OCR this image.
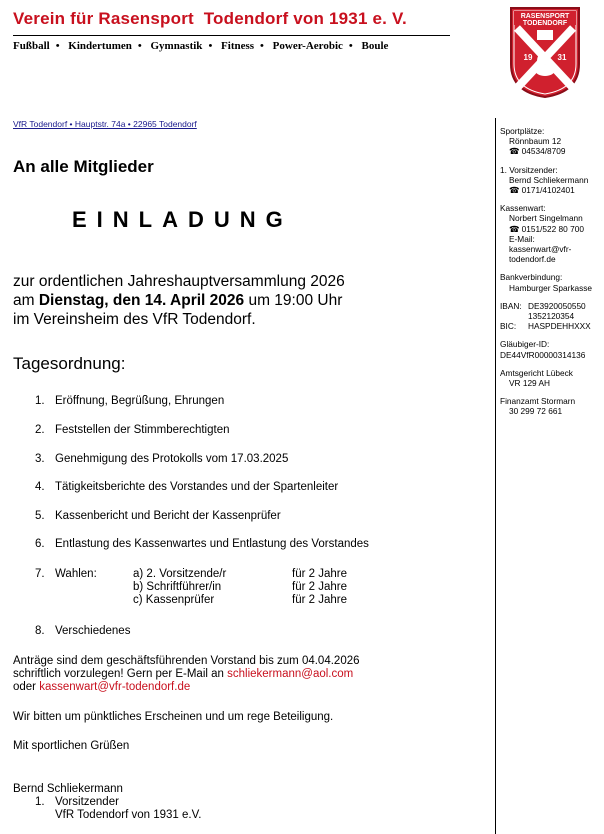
Verein für Rasensport Todendorf von 1931 e. V.
Fußball • Kindertumen • Gymnastik • Fitness • Power-Aerobic • Boule
RASENSPORT
TODENDORF
19	31
VfR Todendorf • Hauptstr. 74a • 22965 Todendorf
Sportplätze:
Rönnbaum 12
☎ 04534/8709
1. Vorsitzender:
Bernd Schliekermann
☎ 0171/4102401
Kassenwart:
Norbert Singelmann
☎ 0151/522 80 700
E-Mail:
kassenwart@vfr-
todendorf.de
Bankverbindung:
Hamburger Sparkasse
IBAN: DE3920050550
1352120354
BIC:	HASPDEHHXXX
Gläubiger-ID:
DE44VfR00000314136
Amtsgericht Lübeck
VR 129 AH
Finanzamt Stormarn
30 299 72 661
An alle Mitglieder
EINLADUNG
zur ordentlichen Jahreshauptversammlung 2026
am Dienstag, den 14. April 2026 um 19:00 Uhr
im Vereinsheim des VfR Todendorf.
Tagesordnung:
1. Eröffnung, Begrüßung, Ehrungen
2. Feststellen der Stimmberechtigten
3. Genehmigung des Protokolls vom 17.03.2025
4. Tätigkeitsberichte des Vorstandes und der Spartenleiter
5. Kassenbericht und Bericht der Kassenprüfer
6. Entlastung des Kassenwartes und Entlastung des Vorstandes
7. Wahlen:	a) 2. Vorsitzende/r	für 2 Jahre
b) Schriftführer/in	für 2 Jahre
c) Kassenprüfer	für 2 Jahre
8. Verschiedenes
Anträge sind dem geschäftsführenden Vorstand bis zum 04.04.2026
schriftlich vorzulegen! Gern per E-Mail an schliekermann@aol.com
oder kassenwart@vfr-todendorf.de
Wir bitten um pünktliches Erscheinen und um rege Beteiligung.
Mit sportlichen Grüßen
Bernd Schliekermann
1. Vorsitzender
VfR Todendorf von 1931 e.V.
